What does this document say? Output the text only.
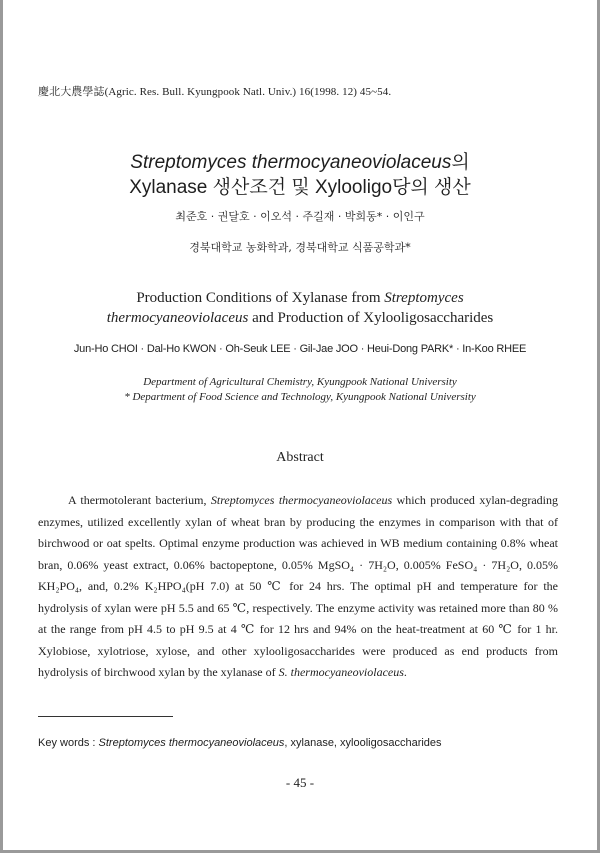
慶北大農學誌(Agric. Res. Bull. Kyungpook Natl. Univ.) 16(1998. 12) 45~54.
Streptomyces thermocyaneoviolaceus의
Xylanase 생산조건 및 Xylooligo당의 생산
최준호 · 권달호 · 이오석 · 주길재 · 박희동* · 이인구
경북대학교 농화학과, 경북대학교 식품공학과*
Production Conditions of Xylanase from Streptomyces
thermocyaneoviolaceus and Production of Xylooligosaccharides
Jun-Ho CHOI · Dal-Ho KWON · Oh-Seuk LEE · Gil-Jae JOO · Heui-Dong PARK* · In-Koo RHEE
Department of Agricultural Chemistry, Kyungpook National University
* Department of Food Science and Technology, Kyungpook National University
Abstract

A thermotolerant bacterium, Streptomyces thermocyaneoviolaceus which produced xylan-degrading enzymes, utilized excellently xylan of wheat bran by producing the enzymes in comparison with that of birchwood or oat spelts. Optimal enzyme production was achieved in WB medium containing 0.8% wheat bran, 0.06% yeast extract, 0.06% bactopeptone, 0.05% MgSO₄ · 7H₂O, 0.005% FeSO₄ · 7H₂O, 0.05% KH₂PO₄, and, 0.2% K₂HPO₄(pH 7.0) at 50 ℃ for 24 hrs. The optimal pH and temperature for the hydrolysis of xylan were pH 5.5 and 65 ℃, respectively. The enzyme activity was retained more than 80 % at the range from pH 4.5 to pH 9.5 at 4 ℃ for 12 hrs and 94% on the heat-treatment at 60 ℃ for 1 hr. Xylobiose, xylotriose, xylose, and other xylooligosaccharides were produced as end products from hydrolysis of birchwood xylan by the xylanase of S. thermocyaneoviolaceus.

Key words : Streptomyces thermocyaneoviolaceus, xylanase, xylooligosaccharides
- 45 -
